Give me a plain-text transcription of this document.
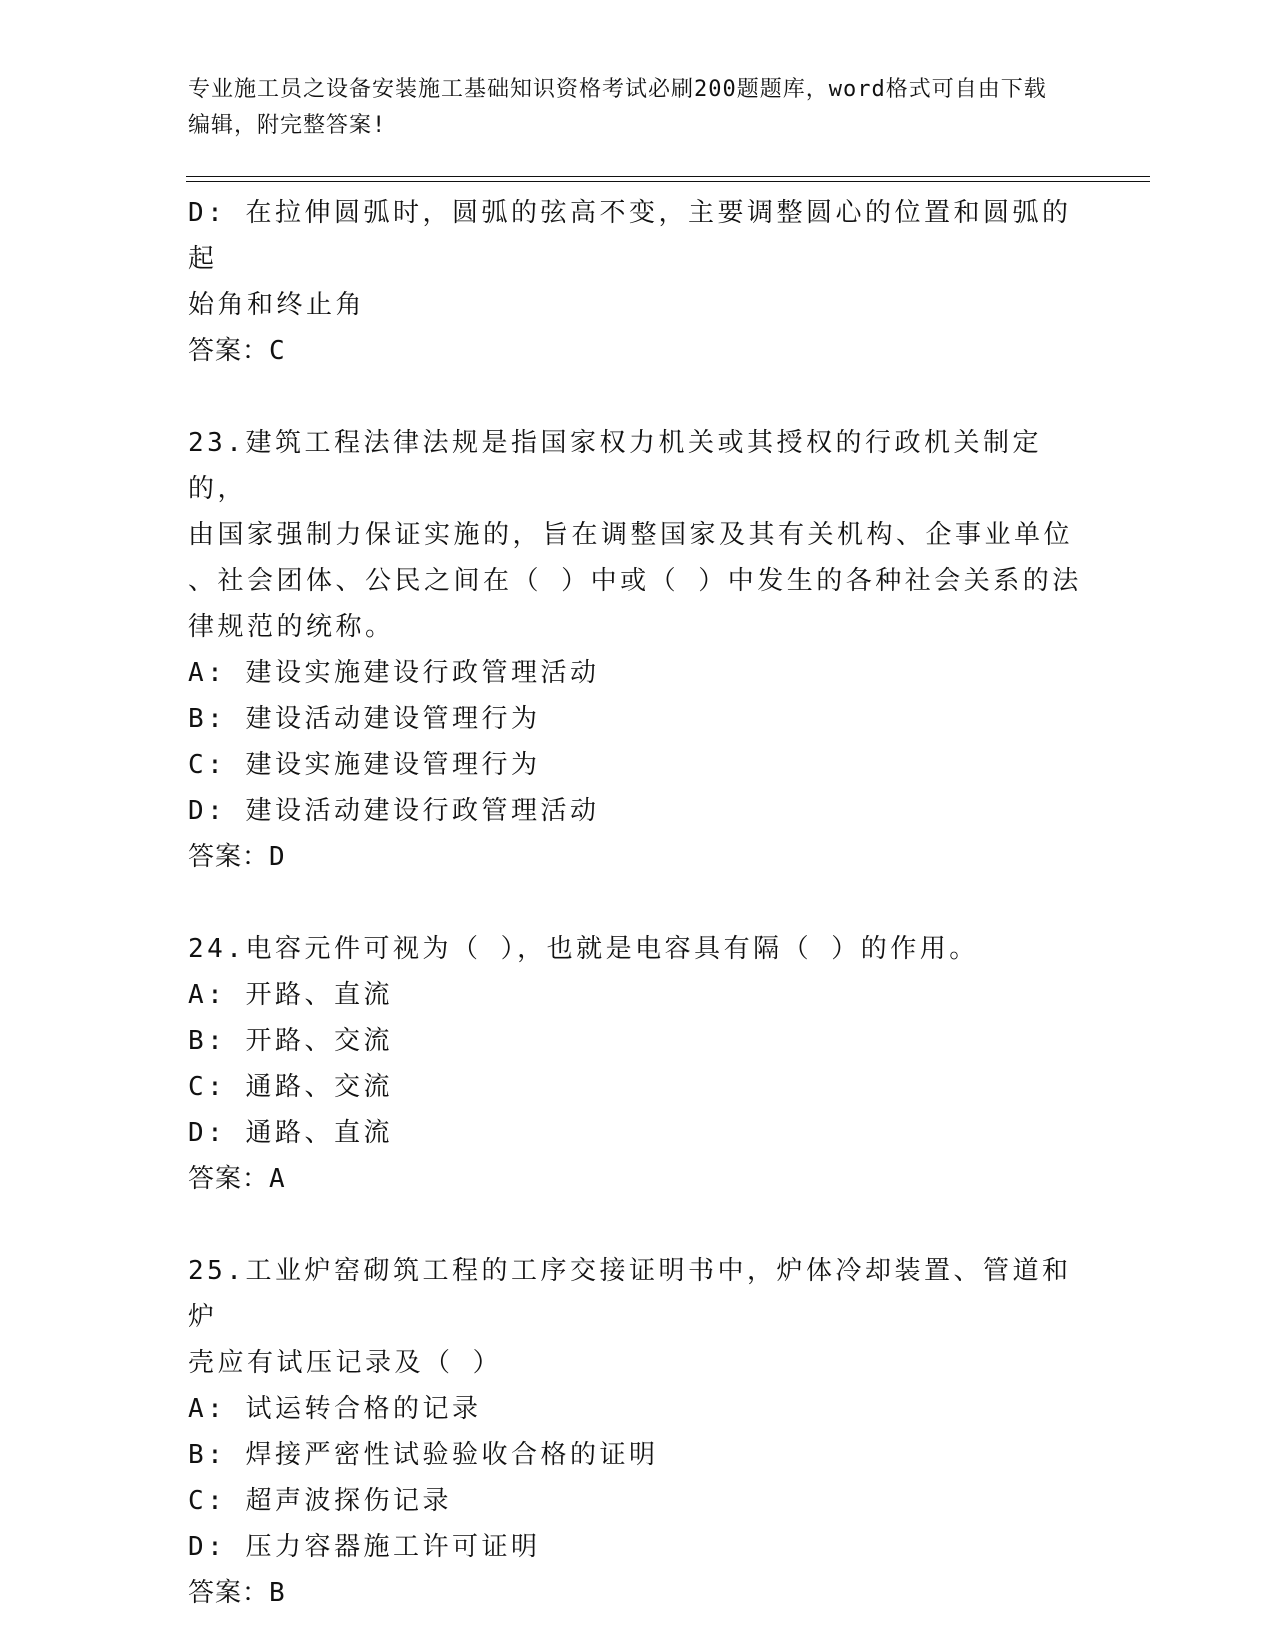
专业施工员之设备安装施工基础知识资格考试必刷200题题库，word格式可自由下载编辑，附完整答案!
D: 在拉伸圆弧时，圆弧的弦高不变，主要调整圆心的位置和圆弧的起
始角和终止角
答案：C
23.建筑工程法律法规是指国家权力机关或其授权的行政机关制定的，
由国家强制力保证实施的，旨在调整国家及其有关机构、企事业单位
、社会团体、公民之间在（ ）中或（ ）中发生的各种社会关系的法
律规范的统称。
A: 建设实施建设行政管理活动
B: 建设活动建设管理行为
C: 建设实施建设管理行为
D: 建设活动建设行政管理活动
答案：D
24.电容元件可视为（ ），也就是电容具有隔（ ）的作用。
A: 开路、直流
B: 开路、交流
C: 通路、交流
D: 通路、直流
答案：A
25.工业炉窑砌筑工程的工序交接证明书中，炉体冷却装置、管道和炉
壳应有试压记录及（ ）
A: 试运转合格的记录
B: 焊接严密性试验验收合格的证明
C: 超声波探伤记录
D: 压力容器施工许可证明
答案：B
